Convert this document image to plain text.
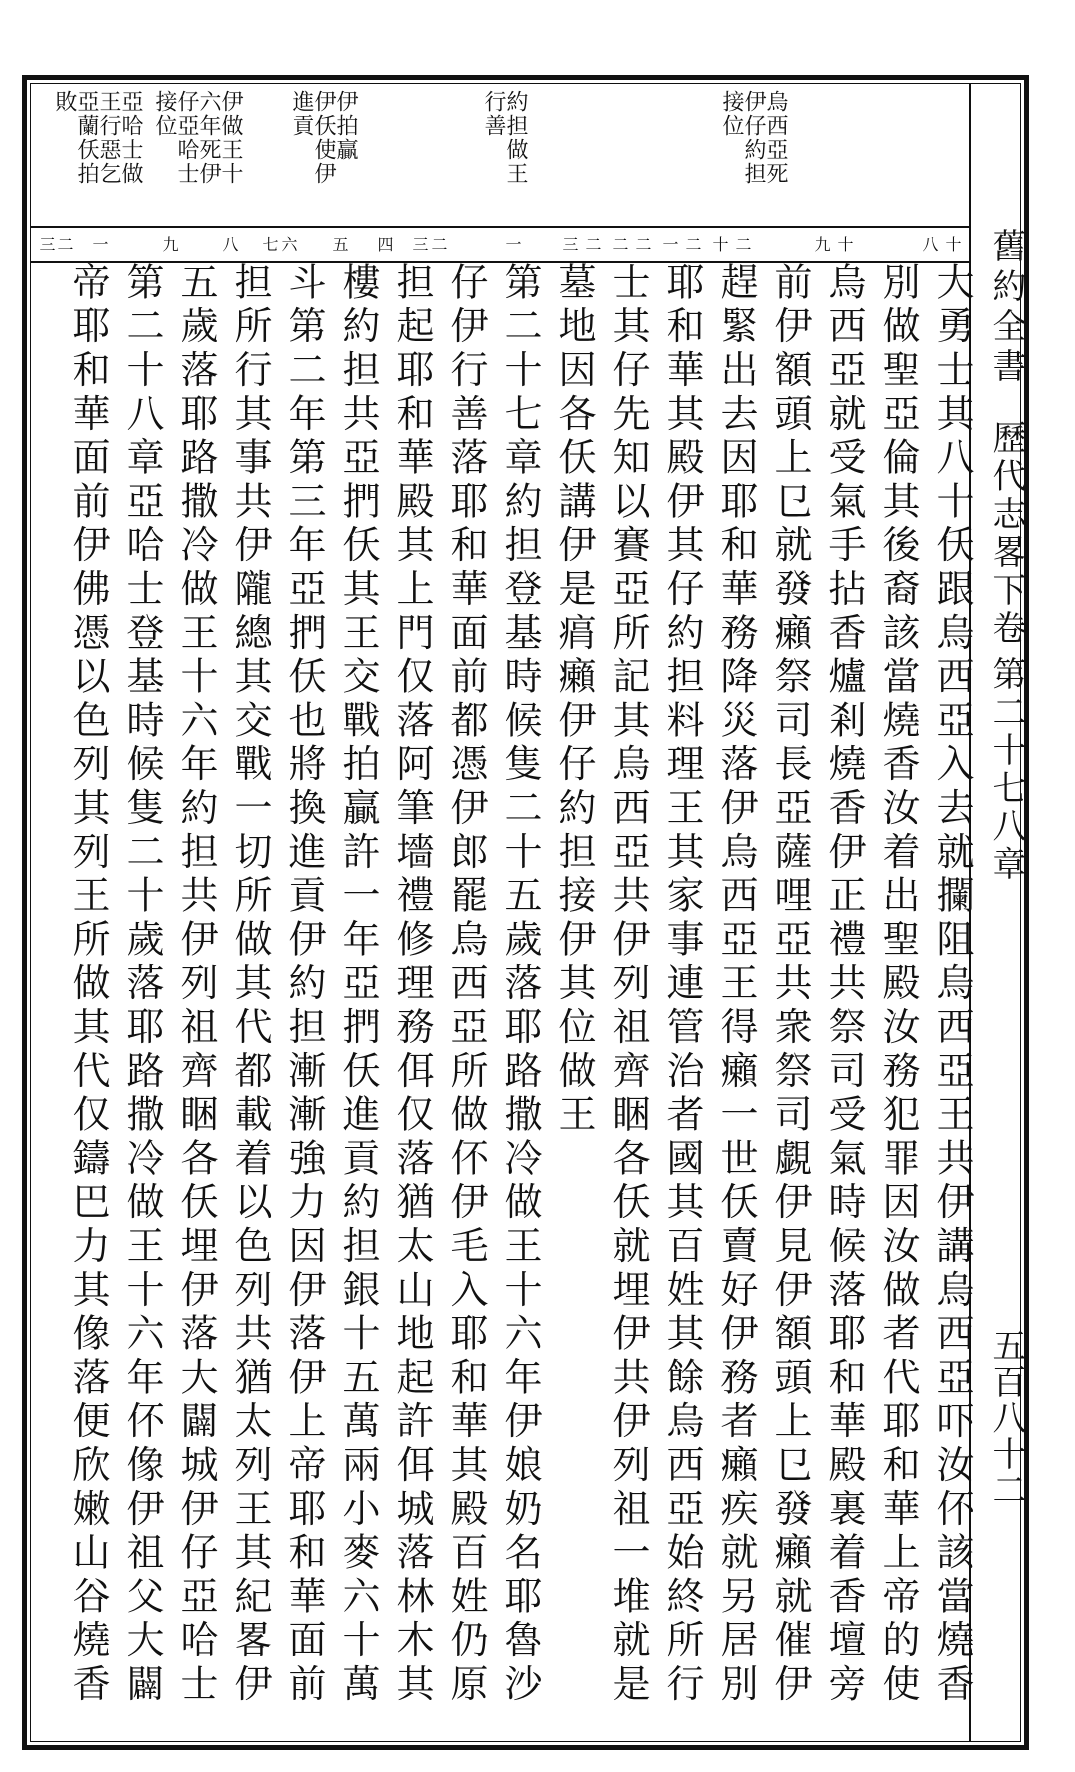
舊約全書
歷代志畧下卷
第二十七八章
五百八十二
烏西亞死
伊仔約担
接位
約担做王
行善
伊拍贏
伊仸使伊
進貢
伊做王十
六年死伊
仔亞哈士
接位
亞哈士做
王行惡乞
亞蘭仸拍
敗
十八
十九
二十
二一
二二
二三
一
二
三
四
五
六
七
八
九
一
二
三
大勇士其八十仸跟烏西亞入去就攔阻烏西亞王共伊講烏西亞吓汝伓該當燒香
別做聖亞倫其後裔該當燒香汝着出聖殿汝務犯罪因汝做者代耶和華上帝的使
烏西亞就受氣手拈香爐剎燒香伊正禮共祭司受氣時候落耶和華殿裏着香壇旁
前伊額頭上㔾就發癩祭司長亞薩哩亞共衆祭司覷伊見伊額頭上㔾發癩就催伊
趕緊出去因耶和華務降災落伊烏西亞王得癩一世仸賣好伊務者癩疾就另居別
耶和華其殿伊其仔約担料理王其家事連管治者國其百姓其餘烏西亞始終所行
士其仔先知以賽亞所記其烏西亞共伊列祖齊睏各仸就埋伊共伊列祖一堆就是
墓地因各仸講伊是㾓癩伊仔約担接伊其位做王
第二十七章約担登基時候隻二十五歲落耶路撒冷做王十六年伊娘奶名耶魯沙
仔伊行善落耶和華面前都憑伊郎罷烏西亞所做伓伊毛入耶和華其殿百姓仍原
担起耶和華殿其上門仅落阿筆墻禮修理務佴仅落猶太山地起許佴城落林木其
樓約担共亞捫仸其王交戰拍贏許一年亞捫仸進貢約担銀十五萬兩小麥六十萬
斗第二年第三年亞捫仸也將換進貢伊約担漸漸強力因伊落伊上帝耶和華面前
担所行其事共伊隴總其交戰一切所做其代都載着以色列共猶太列王其紀畧伊
五歲落耶路撒冷做王十六年約担共伊列祖齊睏各仸埋伊落大闢城伊仔亞哈士
第二十八章亞哈士登基時候隻二十歲落耶路撒冷做王十六年伓像伊祖父大闢
帝耶和華面前伊佛憑以色列其列王所做其代仅鑄巴力其像落便欣嫩山谷燒香
